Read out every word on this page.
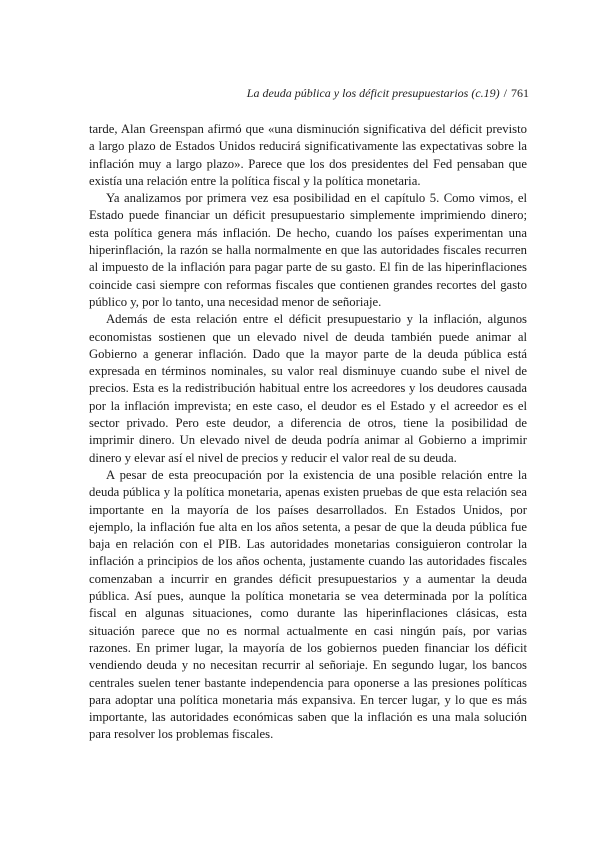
La deuda pública y los déficit presupuestarios (c.19) / 761

tarde, Alan Greenspan afirmó que «una disminución significativa del déficit previsto a largo plazo de Estados Unidos reducirá significativamente las expectativas sobre la inflación muy a largo plazo». Parece que los dos presidentes del Fed pensaban que existía una relación entre la política fiscal y la política monetaria.

Ya analizamos por primera vez esa posibilidad en el capítulo 5. Como vimos, el Estado puede financiar un déficit presupuestario simplemente imprimiendo dinero; esta política genera más inflación. De hecho, cuando los países experimentan una hiperinflación, la razón se halla normalmente en que las autoridades fiscales recurren al impuesto de la inflación para pagar parte de su gasto. El fin de las hiperinflaciones coincide casi siempre con reformas fiscales que contienen grandes recortes del gasto público y, por lo tanto, una necesidad menor de señoriaje.

Además de esta relación entre el déficit presupuestario y la inflación, algunos economistas sostienen que un elevado nivel de deuda también puede animar al Gobierno a generar inflación. Dado que la mayor parte de la deuda pública está expresada en términos nominales, su valor real disminuye cuando sube el nivel de precios. Esta es la redistribución habitual entre los acreedores y los deudores causada por la inflación imprevista; en este caso, el deudor es el Estado y el acreedor es el sector privado. Pero este deudor, a diferencia de otros, tiene la posibilidad de imprimir dinero. Un elevado nivel de deuda podría animar al Gobierno a imprimir dinero y elevar así el nivel de precios y reducir el valor real de su deuda.

A pesar de esta preocupación por la existencia de una posible relación entre la deuda pública y la política monetaria, apenas existen pruebas de que esta relación sea importante en la mayoría de los países desarrollados. En Estados Unidos, por ejemplo, la inflación fue alta en los años setenta, a pesar de que la deuda pública fue baja en relación con el PIB. Las autoridades monetarias consiguieron controlar la inflación a principios de los años ochenta, justamente cuando las autoridades fiscales comenzaban a incurrir en grandes déficit presupuestarios y a aumentar la deuda pública. Así pues, aunque la política monetaria se vea determinada por la política fiscal en algunas situaciones, como durante las hiperinflaciones clásicas, esta situación parece que no es normal actualmente en casi ningún país, por varias razones. En primer lugar, la mayoría de los gobiernos pueden financiar los déficit vendiendo deuda y no necesitan recurrir al señoriaje. En segundo lugar, los bancos centrales suelen tener bastante independencia para oponerse a las presiones políticas para adoptar una política monetaria más expansiva. En tercer lugar, y lo que es más importante, las autoridades económicas saben que la inflación es una mala solución para resolver los problemas fiscales.
